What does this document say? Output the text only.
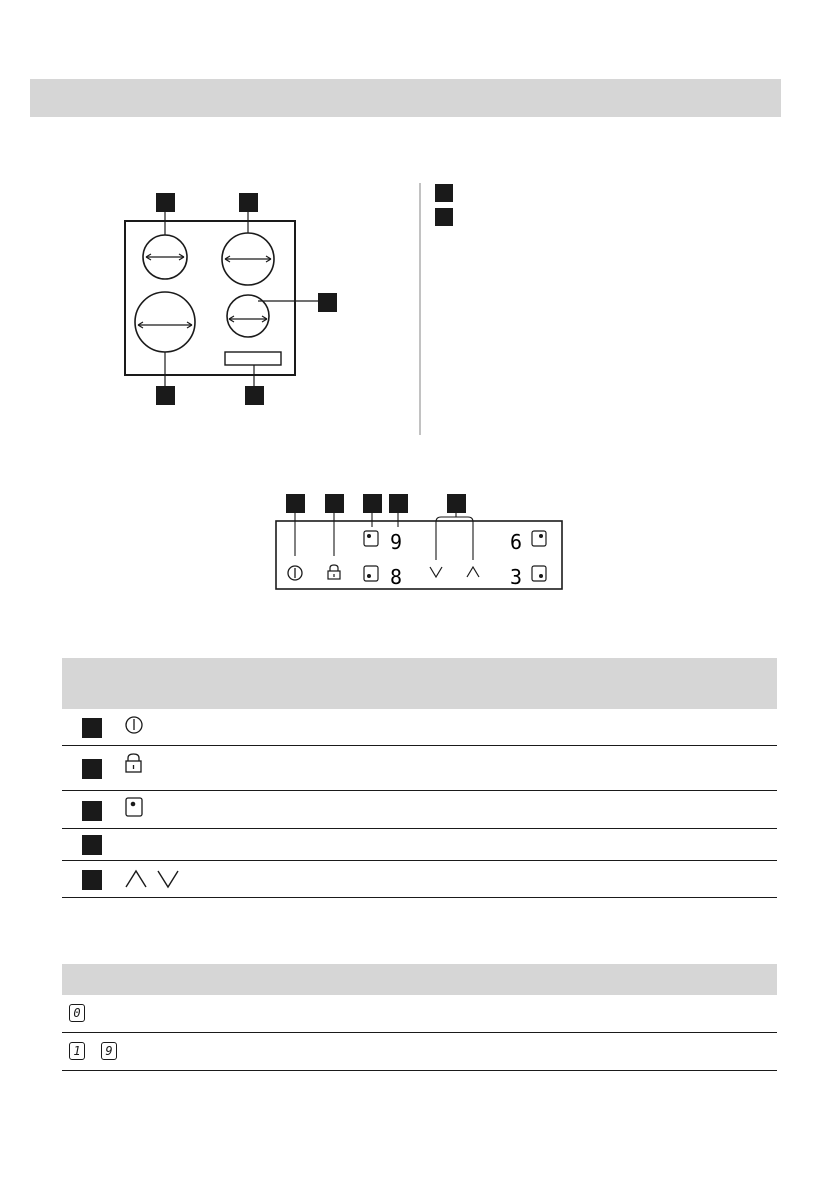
9
8
6
3
0
1	9
